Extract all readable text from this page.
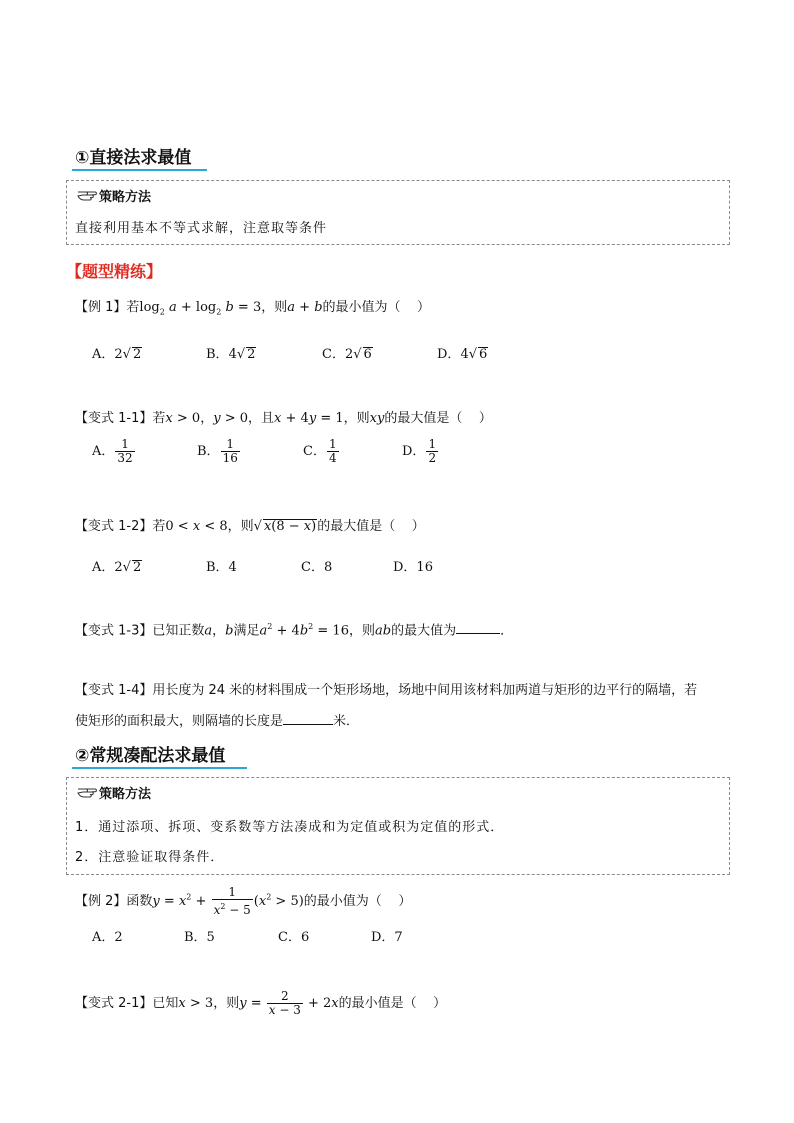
①直接法求最值
策略方法
直接利用基本不等式求解，注意取等条件
【题型精练】
【例 1】若$\log_2 a + \log_2 b = 3$，则a + b的最小值为（    ）
A．2√ 2	B．4√ 2	C．2√ 6	D．4√ 6
【变式 1-1】若x > 0，y > 0，且x + 4y = 1，则xy的最大值是（    ）
A． $\frac{1}{32}$	B． $\frac{1}{16}$	C． $\frac{1}{4}$	D． $\frac{1}{2}$
【变式 1-2】若0 < x < 8，则√ x(8 − x)的最大值是（    ）
A．2√ 2	B．4	C．8	D．16
【变式 1-3】已知正数a，b满足$a^2 + 4b^2 = 16$，则ab的最大值为	．
【变式 1-4】用长度为 24 米的材料围成一个矩形场地，场地中间用该材料加两道与矩形的边平行的隔墙，若
使矩形的面积最大，则隔墙的长度是	米．
②常规凑配法求最值
策略方法
1．通过添项、拆项、变系数等方法凑成和为定值或积为定值的形式．
2．注意验证取得条件．
【例 2】函数$y = x^2 + \frac{1}{x^2 - 5} (x^2 > 5)$的最小值为（    ）
A．2	B．5	C．6	D．7
【变式 2-1】已知x > 3，则$y = \frac{2}{x - 3} + 2x$的最小值是（    ）
